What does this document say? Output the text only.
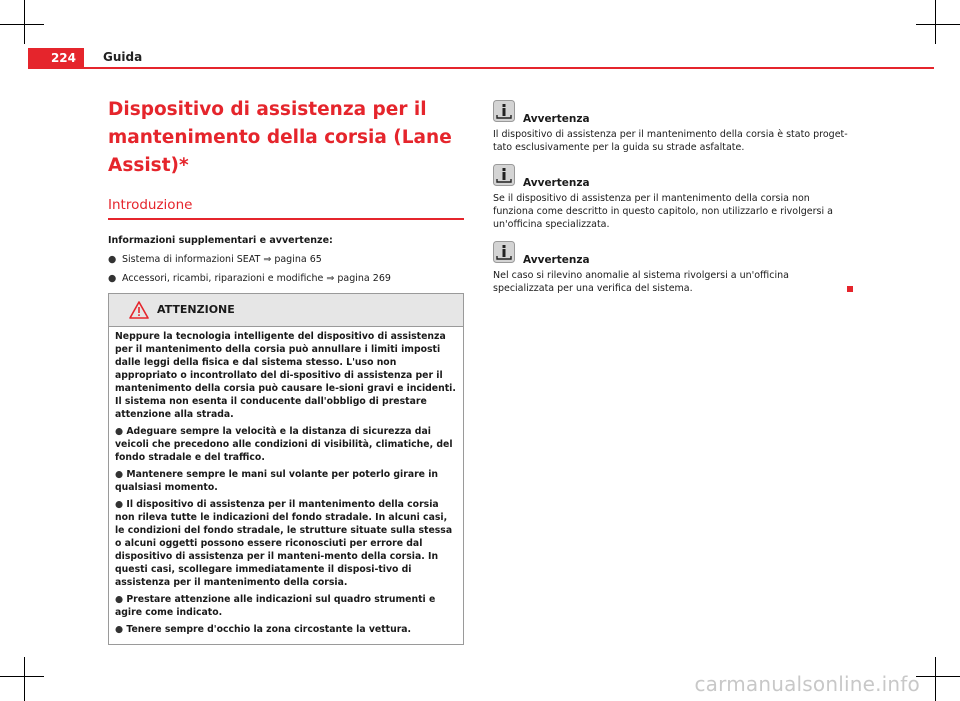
224	Guida
Dispositivo di assistenza per il mantenimento della corsia (Lane Assist)*
Introduzione
Informazioni supplementari e avvertenze:
● Sistema di informazioni SEAT ⇒ pagina 65
● Accessori, ricambi, riparazioni e modifiche ⇒ pagina 269
ATTENZIONE

Neppure la tecnologia intelligente del dispositivo di assistenza per il mantenimento della corsia può annullare i limiti imposti dalle leggi della fisica e dal sistema stesso. L'uso non appropriato o incontrollato del di-spositivo di assistenza per il mantenimento della corsia può causare le-sioni gravi e incidenti. Il sistema non esenta il conducente dall'obbligo di prestare attenzione alla strada.

● Adeguare sempre la velocità e la distanza di sicurezza dai veicoli che precedono alle condizioni di visibilità, climatiche, del fondo stradale e del traffico.

● Mantenere sempre le mani sul volante per poterlo girare in qualsiasi momento.

● Il dispositivo di assistenza per il mantenimento della corsia non rileva tutte le indicazioni del fondo stradale. In alcuni casi, le condizioni del fondo stradale, le strutture situate sulla stessa o alcuni oggetti possono essere riconosciuti per errore dal dispositivo di assistenza per il manteni-mento della corsia. In questi casi, scollegare immediatamente il disposi-tivo di assistenza per il mantenimento della corsia.

● Prestare attenzione alle indicazioni sul quadro strumenti e agire come indicato.

● Tenere sempre d'occhio la zona circostante la vettura.

Avvertenza
Il dispositivo di assistenza per il mantenimento della corsia è stato proget-tato esclusivamente per la guida su strade asfaltate.
Avvertenza
Se il dispositivo di assistenza per il mantenimento della corsia non funziona come descritto in questo capitolo, non utilizzarlo e rivolgersi a un'officina specializzata.
Avvertenza
Nel caso si rilevino anomalie al sistema rivolgersi a un'officina specializzata per una verifica del sistema.
carmanualsonline.info
